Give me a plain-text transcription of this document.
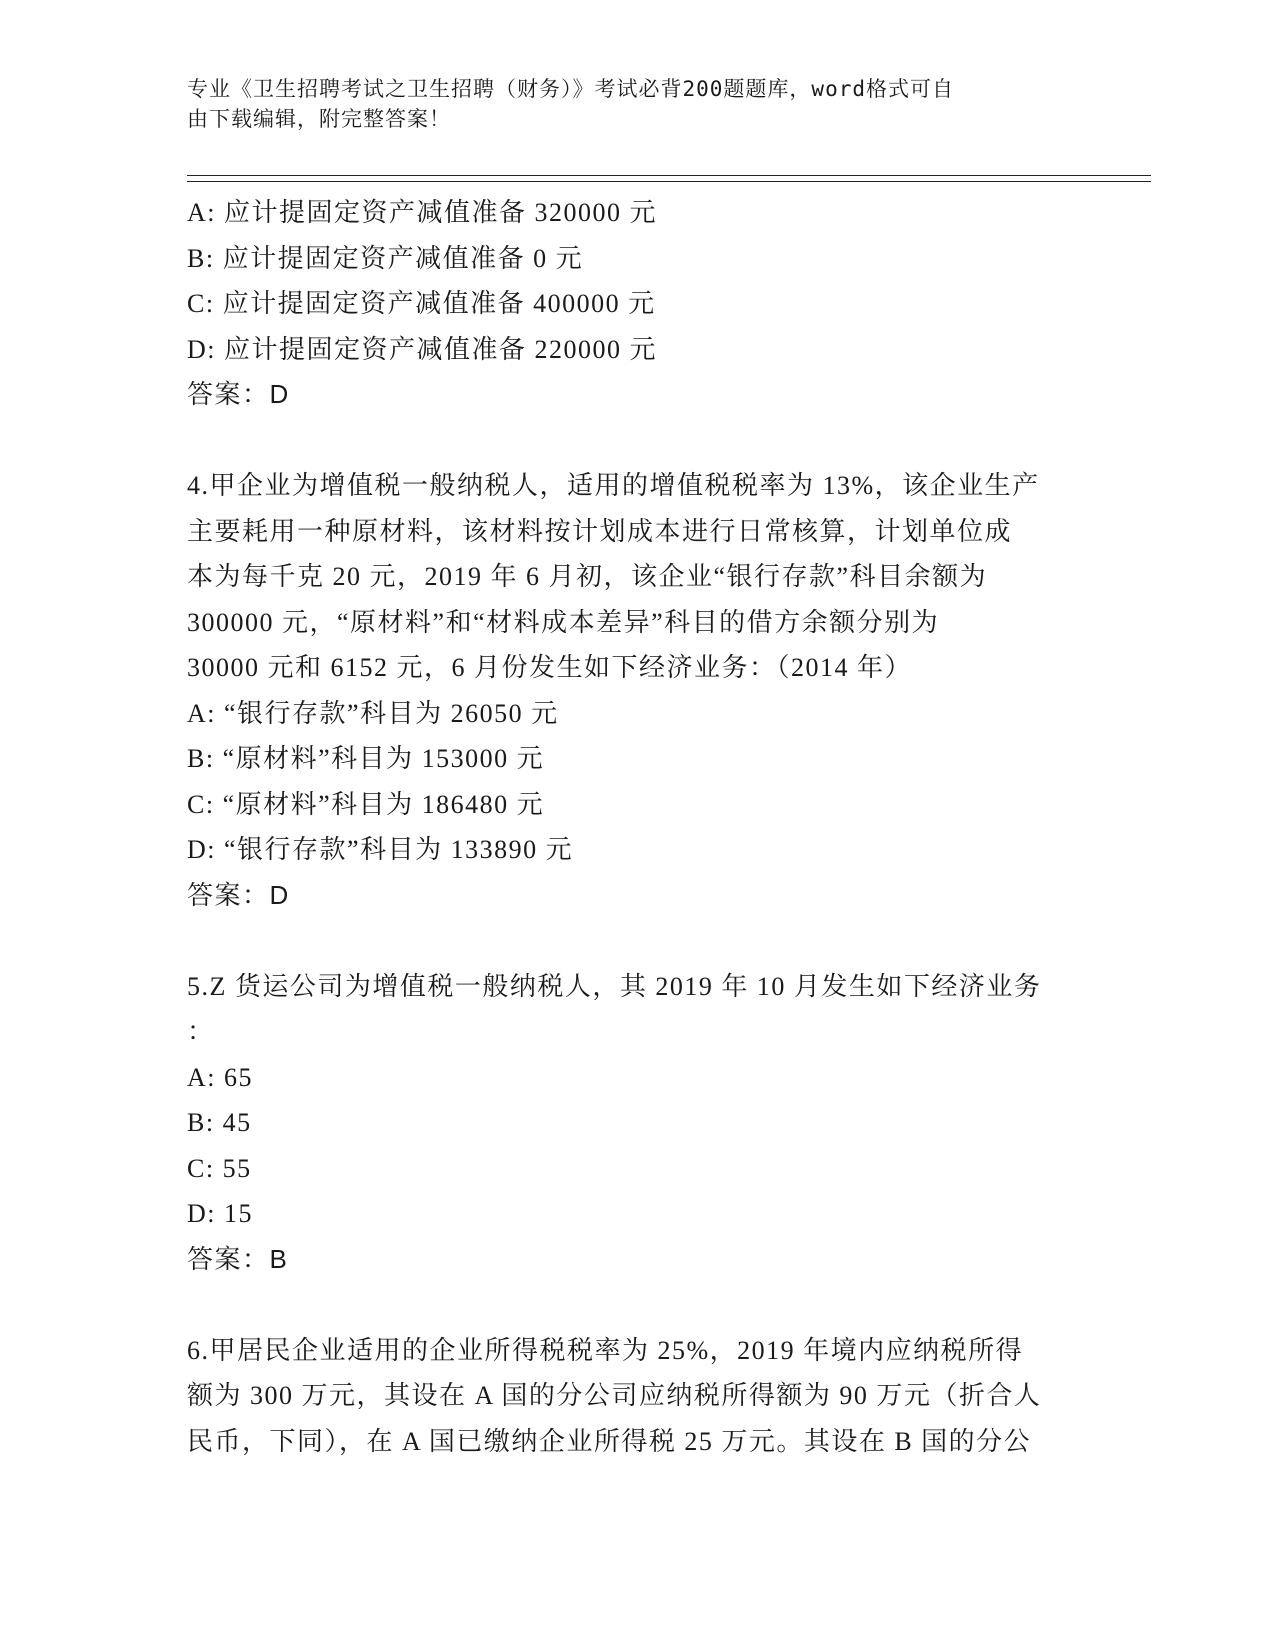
专业《卫生招聘考试之卫生招聘（财务）》考试必背200题题库，word格式可自
由下载编辑，附完整答案！
A: 应计提固定资产减值准备 320000 元
B: 应计提固定资产减值准备 0 元
C: 应计提固定资产减值准备 400000 元
D: 应计提固定资产减值准备 220000 元
答案：D
4.甲企业为增值税一般纳税人，适用的增值税税率为 13%，该企业生产
主要耗用一种原材料，该材料按计划成本进行日常核算，计划单位成
本为每千克 20 元，2019 年 6 月初，该企业“银行存款”科目余额为
300000 元，“原材料”和“材料成本差异”科目的借方余额分别为
30000 元和 6152 元，6 月份发生如下经济业务：（2014 年）
A: “银行存款”科目为 26050 元
B: “原材料”科目为 153000 元
C: “原材料”科目为 186480 元
D: “银行存款”科目为 133890 元
答案：D
5.Z 货运公司为增值税一般纳税人，其 2019 年 10 月发生如下经济业务
：
A: 65
B: 45
C: 55
D: 15
答案：B
6.甲居民企业适用的企业所得税税率为 25%，2019 年境内应纳税所得
额为 300 万元，其设在 A 国的分公司应纳税所得额为 90 万元（折合人
民币，下同），在 A 国已缴纳企业所得税 25 万元。其设在 B 国的分公
